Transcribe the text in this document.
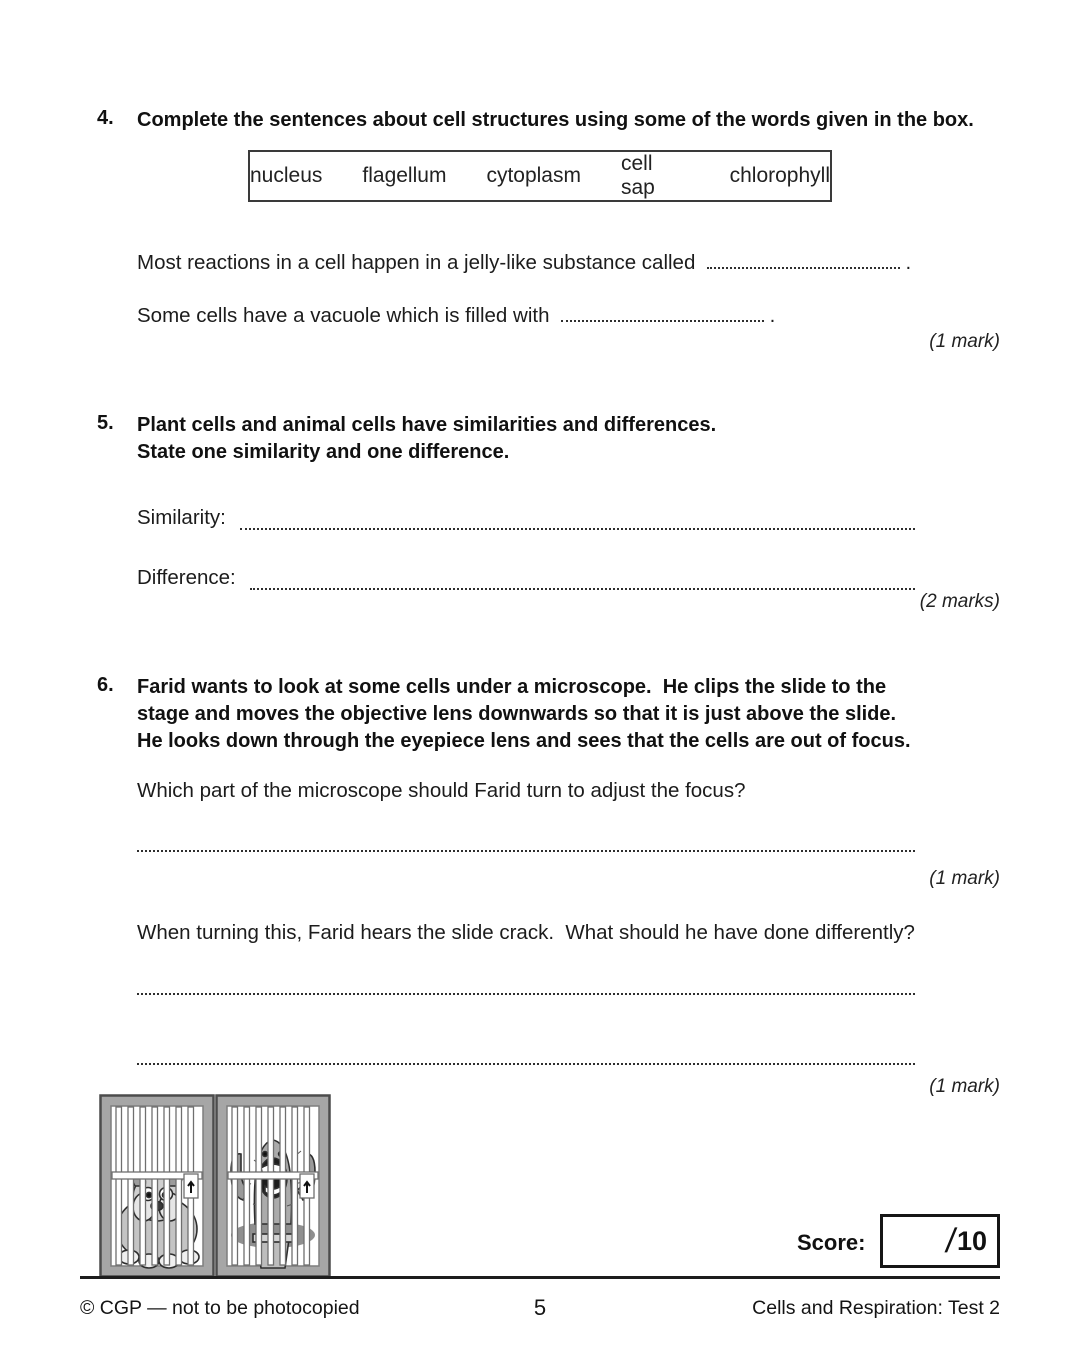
4. Complete the sentences about cell structures using some of the words given in the box.
nucleus flagellum cytoplasm
cell sap
chlorophyll
Most reactions in a cell happen in a jelly-like substance called	.
Some cells have a vacuole which is filled with	.
(1 mark)
5. Plant cells and animal cells have similarities and differences.
State one similarity and one difference.
Similarity:
Difference:
(2 marks)
6. Farid wants to look at some cells under a microscope.  He clips the slide to the
stage and moves the objective lens downwards so that it is just above the slide.
He looks down through the eyepiece lens and sees that the cells are out of focus.
Which part of the microscope should Farid turn to adjust the focus?
(1 mark)
When turning this, Farid hears the slide crack.  What should he have done differently?
(1 mark)
Score: / 10
© CGP — not to be photocopied	5	Cells and Respiration: Test 2
